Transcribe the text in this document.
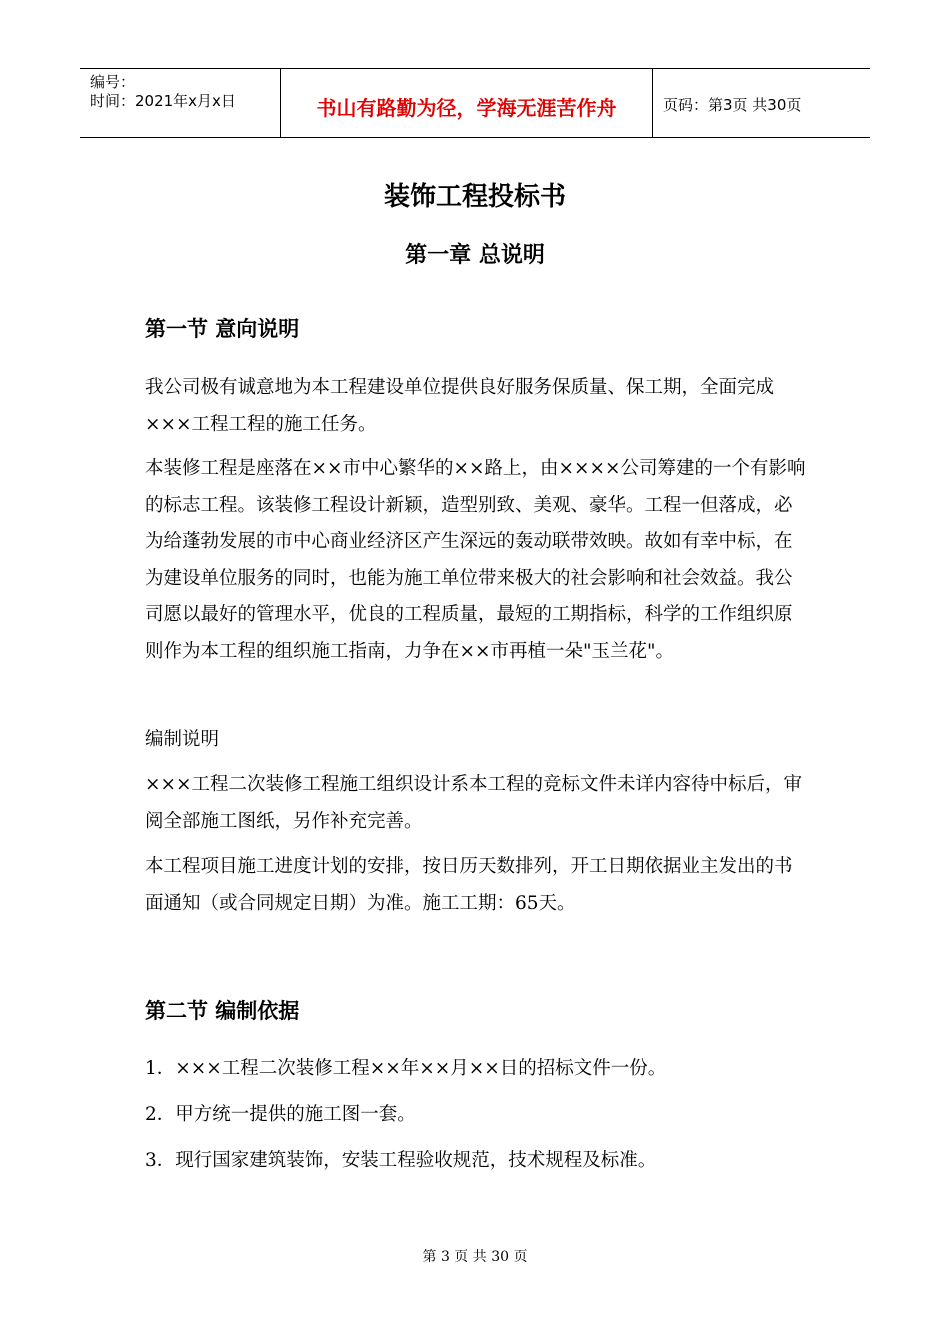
编号：
时间：2021年x月x日	书山有路勤为径，学海无涯苦作舟	页码：第3页 共30页
装饰工程投标书
第一章 总说明
第一节 意向说明

我公司极有诚意地为本工程建设单位提供良好服务保质量、保工期，全面完成×××工程工程的施工任务。

本装修工程是座落在××市中心繁华的××路上，由××××公司筹建的一个有影响的标志工程。该装修工程设计新颖，造型别致、美观、豪华。工程一但落成，必为给蓬勃发展的市中心商业经济区产生深远的轰动联带效映。故如有幸中标，在为建设单位服务的同时，也能为施工单位带来极大的社会影响和社会效益。我公司愿以最好的管理水平，优良的工程质量，最短的工期指标，科学的工作组织原则作为本工程的组织施工指南，力争在××市再植一朵"玉兰花"。

编制说明

×××工程二次装修工程施工组织设计系本工程的竞标文件未详内容待中标后，审阅全部施工图纸，另作补充完善。

本工程项目施工进度计划的安排，按日历天数排列，开工日期依据业主发出的书面通知（或合同规定日期）为准。施工工期：65天。

第二节 编制依据

1．×××工程二次装修工程××年××月××日的招标文件一份。

2．甲方统一提供的施工图一套。

3．现行国家建筑装饰，安装工程验收规范，技术规程及标准。

第 3 页 共 30 页
